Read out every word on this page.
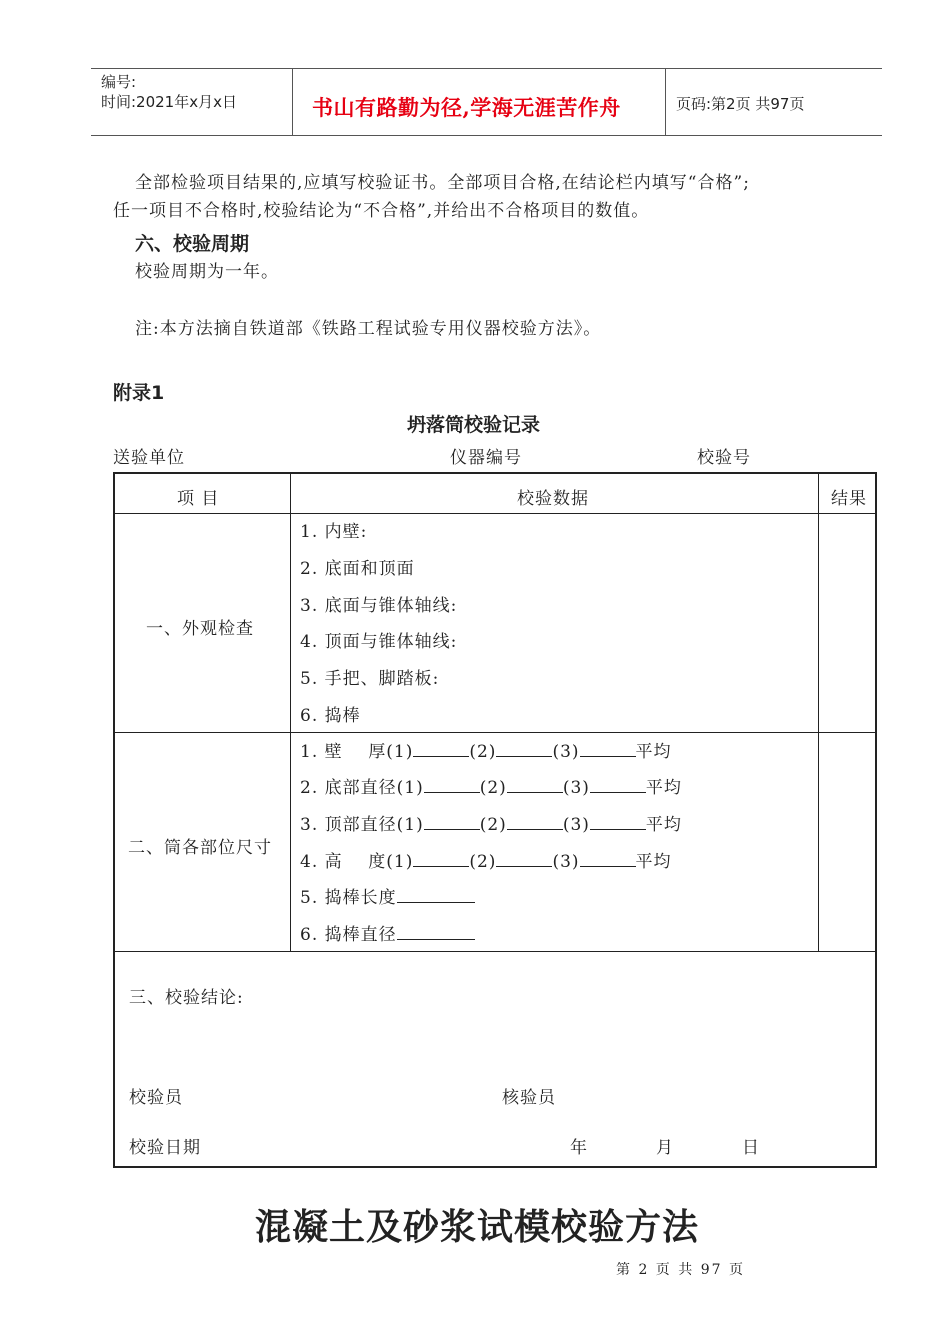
编号:
时间:2021年x月x日	书山有路勤为径,学海无涯苦作舟	页码:第2页 共97页
全部检验项目结果的,应填写校验证书。全部项目合格,在结论栏内填写“合格”;
任一项目不合格时,校验结论为“不合格”,并给出不合格项目的数值。
六、校验周期
校验周期为一年。
注:本方法摘自铁道部《铁路工程试验专用仪器校验方法》。
附录1
坍落筒校验记录
送验单位	仪器编号	校验号
项 目	校验数据	结果
一、外观检查
1. 内壁:
2. 底面和顶面
3. 底面与锥体轴线:
4. 顶面与锥体轴线:
5. 手把、脚踏板:
6. 捣棒
二、筒各部位尺寸
1. 壁    厚(1)	(2)	(3)	平均
2. 底部直径(1)	(2)	(3)	平均
3. 顶部直径(1)	(2)	(3)	平均
4. 高    度(1)	(2)	(3)	平均
5. 捣棒长度
6. 捣棒直径
三、校验结论:
校验员	核验员
校验日期	年	月	日
混凝土及砂浆试模校验方法
第 2 页 共 97 页
